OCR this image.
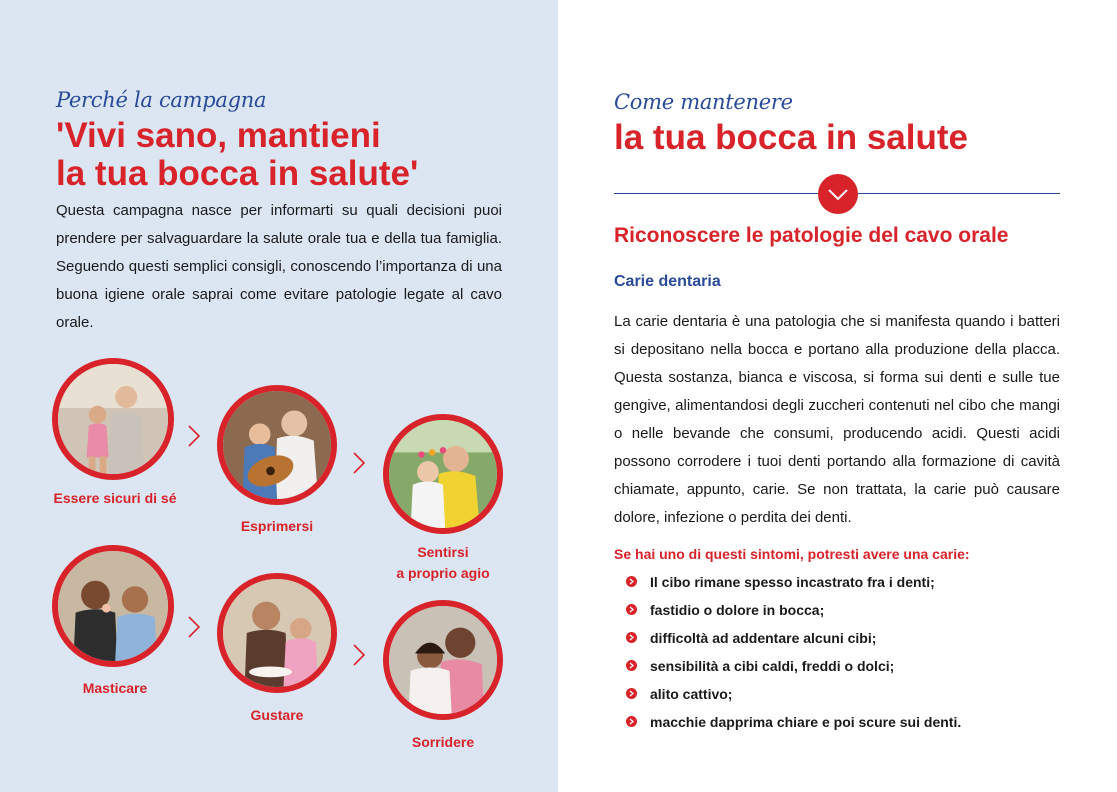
Perché la campagna
'Vivi sano, mantieni
la tua bocca in salute'
Questa campagna nasce per informarti su quali decisioni puoi prendere per salvaguardare la salute orale tua e della tua famiglia. Seguendo questi semplici consigli, conoscendo l’importanza di una buona igiene orale saprai come evitare patologie legate al cavo orale.
Essere sicuri di sé
Esprimersi
Sentirsi
a proprio agio
Masticare
Gustare
Sorridere
Come mantenere
la tua bocca in salute
Riconoscere le patologie del cavo orale
Carie dentaria
La carie dentaria è una patologia che si manifesta quando i batteri si depositano nella bocca e portano alla produzione della placca. Questa sostanza, bianca e viscosa, si forma sui denti e sulle tue gengive, alimentandosi degli zuccheri contenuti nel cibo che mangi o nelle bevande che consumi, producendo acidi. Questi acidi possono corrodere i tuoi denti portando alla formazione di cavità chiamate, appunto, carie. Se non trattata, la carie può causare dolore, infezione o perdita dei denti.
Se hai uno di questi sintomi, potresti avere una carie:
Il cibo rimane spesso incastrato fra i denti;
fastidio o dolore in bocca;
difficoltà ad addentare alcuni cibi;
sensibilità a cibi caldi, freddi o dolci;
alito cattivo;
macchie dapprima chiare e poi scure sui denti.
